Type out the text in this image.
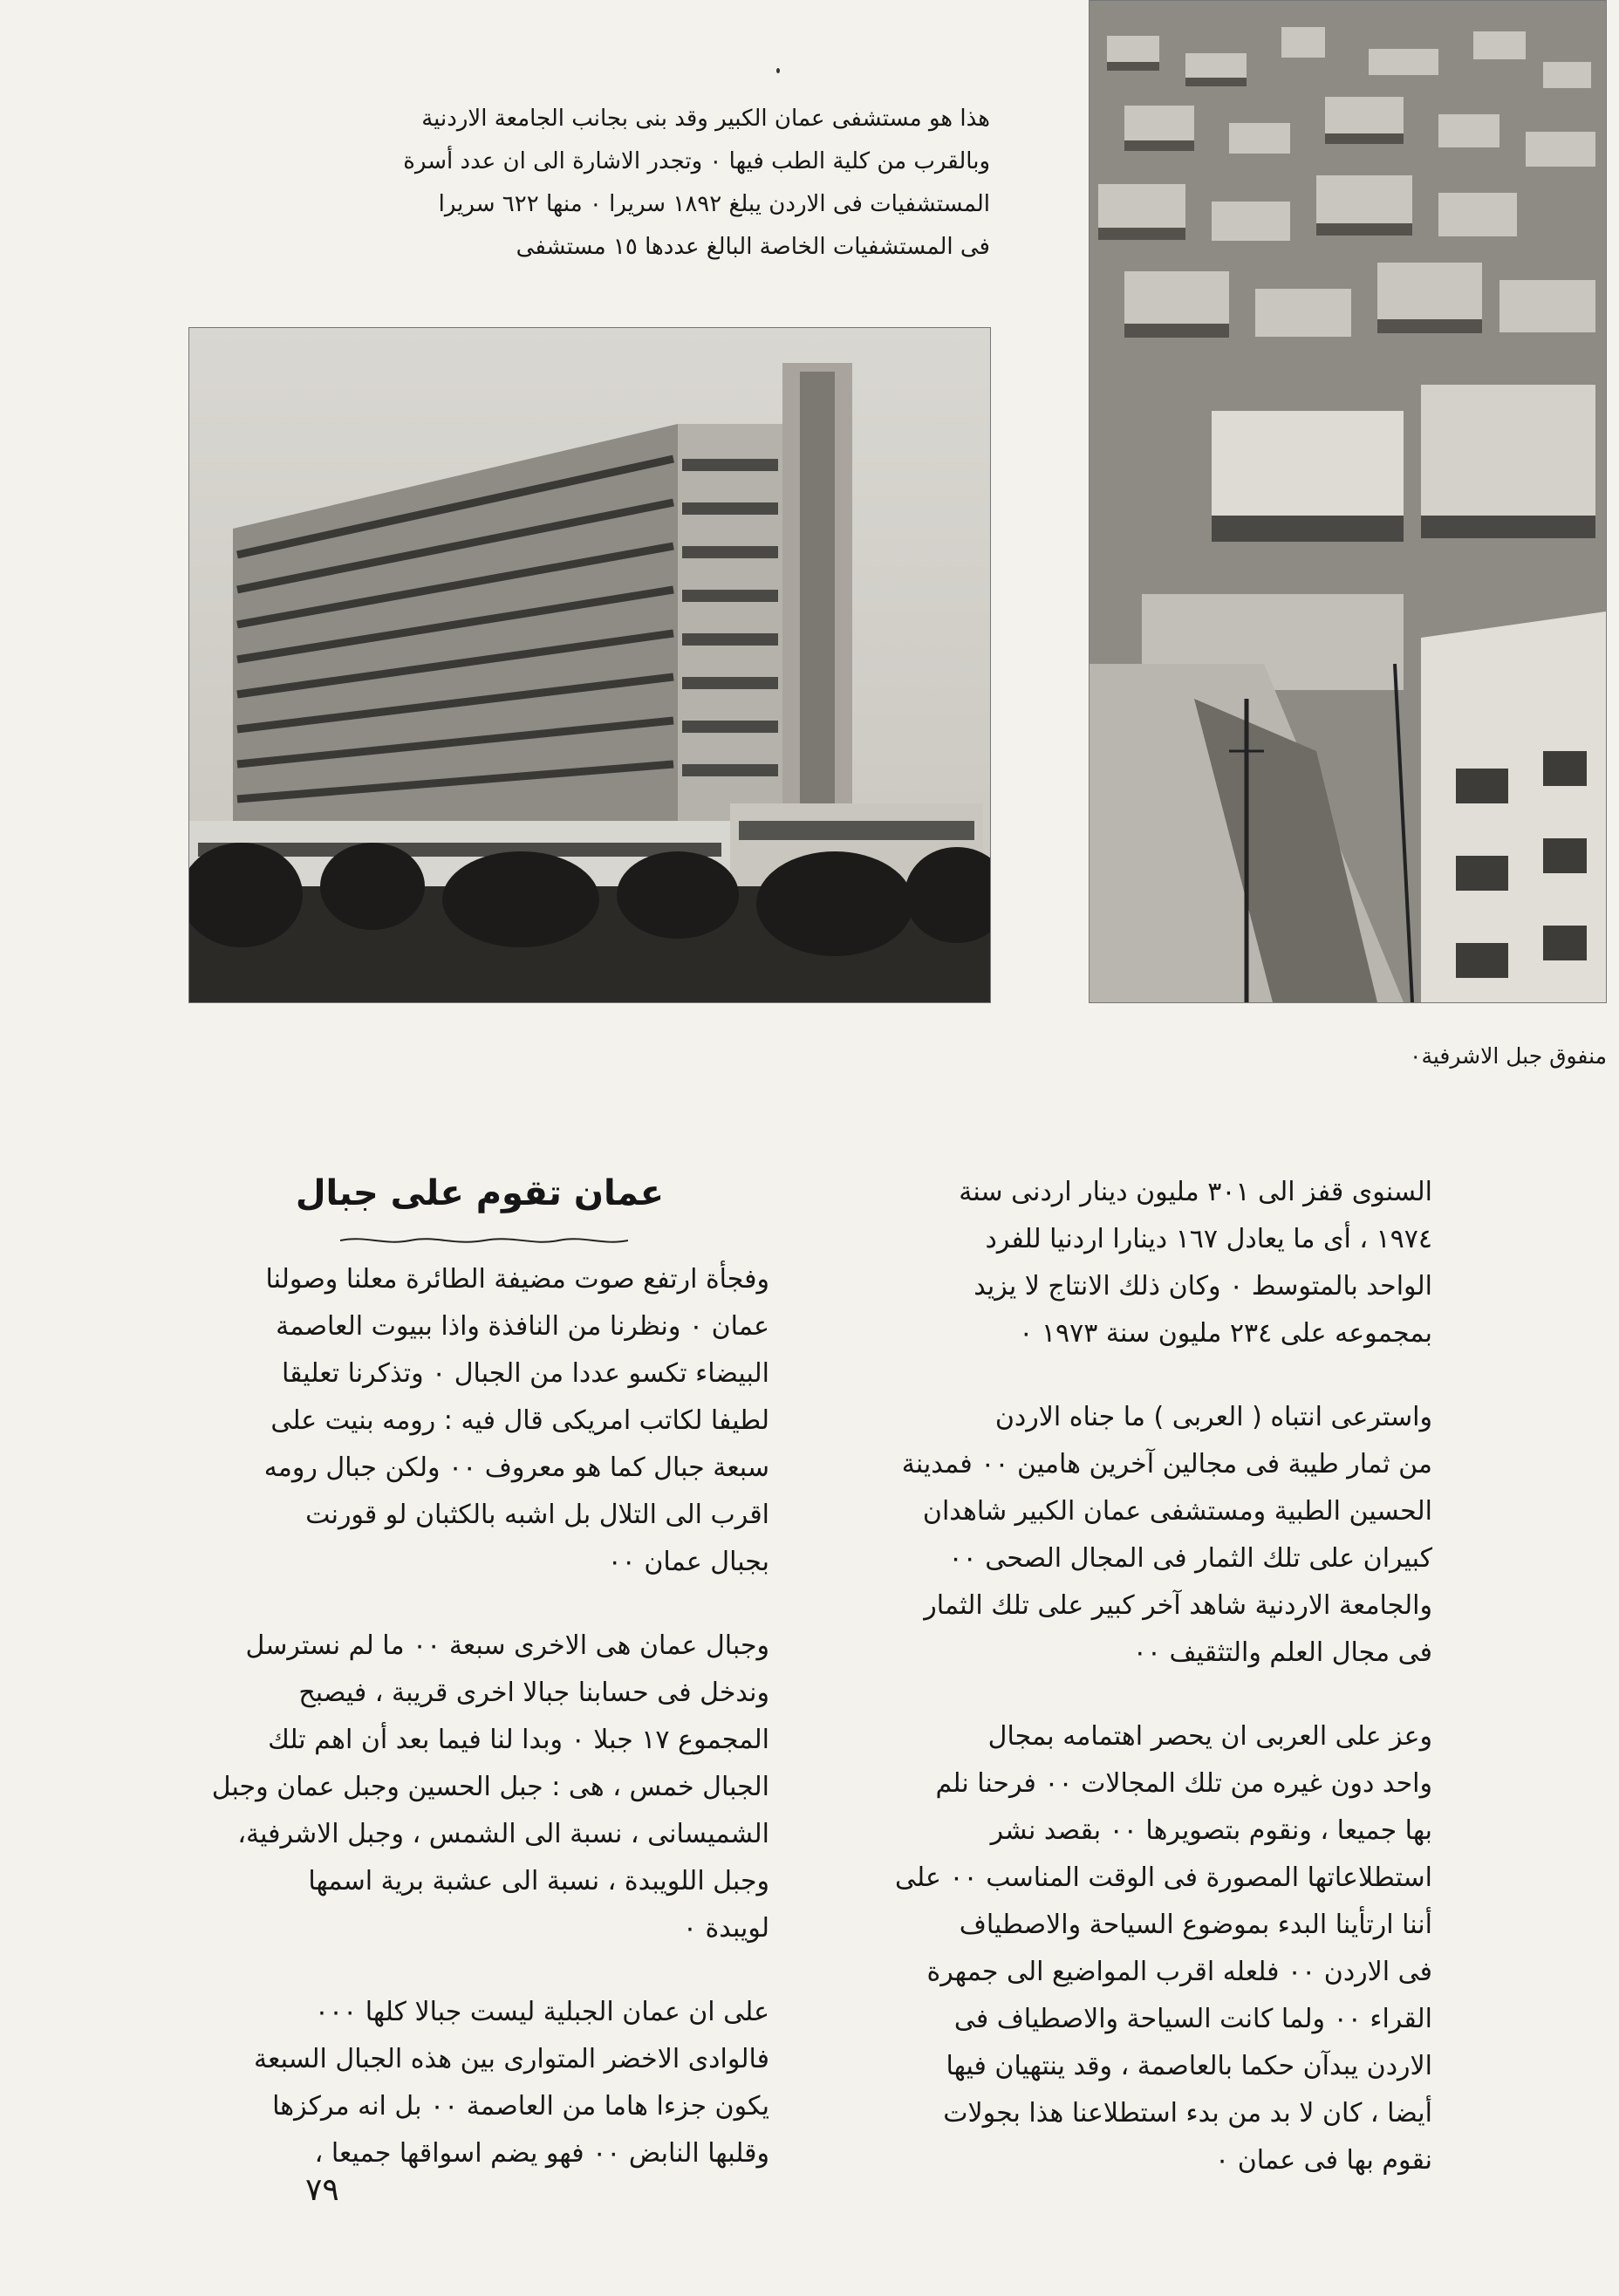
هذا هو مستشفى عمان الكبير وقد بنى بجانب الجامعة الاردنية
وبالقرب من كلية الطب فيها ٠ وتجدر الاشارة الى ان عدد أسرة
المستشفيات فى الاردن يبلغ ١٨٩٢ سريرا ٠ منها ٦٢٢ سريرا
فى المستشفيات الخاصة البالغ عددها ١٥ مستشفى

منفوق جبل الاشرفية٠

السنوى قفز الى ٣٠١ مليون دينار اردنى سنة
١٩٧٤ ، أى ما يعادل ١٦٧ دينارا اردنيا للفرد
الواحد بالمتوسط ٠ وكان ذلك الانتاج لا يزيد
بمجموعه على ٢٣٤ مليون سنة ١٩٧٣ ٠

واسترعى انتباه ( العربى ) ما جناه الاردن
من ثمار طيبة فى مجالين آخرين هامين ٠٠ فمدينة
الحسين الطبية ومستشفى عمان الكبير شاهدان
كبيران على تلك الثمار فى المجال الصحى ٠٠
والجامعة الاردنية شاهد آخر كبير على تلك الثمار
فى مجال العلم والتثقيف ٠٠

وعز على العربى ان يحصر اهتمامه بمجال
واحد دون غيره من تلك المجالات ٠٠ فرحنا نلم
بها جميعا ، ونقوم بتصويرها ٠٠ بقصد نشر
استطلاعاتها المصورة فى الوقت المناسب ٠٠ على
أننا ارتأينا البدء بموضوع السياحة والاصطياف
فى الاردن ٠٠ فلعله اقرب المواضيع الى جمهرة
القراء ٠٠ ولما كانت السياحة والاصطياف فى
الاردن يبدآن حكما بالعاصمة ، وقد ينتهيان فيها
أيضا ، كان لا بد من بدء استطلاعنا هذا بجولات
نقوم بها فى عمان ٠

عمان تقوم على جبال

وفجأة ارتفع صوت مضيفة الطائرة معلنا وصولنا
عمان ٠ ونظرنا من النافذة واذا ببيوت العاصمة
البيضاء تكسو عددا من الجبال ٠ وتذكرنا تعليقا
لطيفا لكاتب امريكى قال فيه : رومه بنيت على
سبعة جبال كما هو معروف ٠٠ ولكن جبال رومه
اقرب الى التلال بل اشبه بالكثبان لو قورنت
بجبال عمان ٠٠

وجبال عمان هى الاخرى سبعة ٠٠ ما لم نسترسل
وندخل فى حسابنا جبالا اخرى قريبة ، فيصبح
المجموع ١٧ جبلا ٠ وبدا لنا فيما بعد أن اهم تلك
الجبال خمس ، هى : جبل الحسين وجبل عمان وجبل
الشميسانى ، نسبة الى الشمس ، وجبل الاشرفية،
وجبل اللويبدة ، نسبة الى عشبة برية اسمها
لويبدة ٠

على ان عمان الجبلية ليست جبالا كلها ٠٠٠
فالوادى الاخضر المتوارى بين هذه الجبال السبعة
يكون جزءا هاما من العاصمة ٠٠ بل انه مركزها
وقلبها النابض ٠٠ فهو يضم اسواقها جميعا ،

٧٩
